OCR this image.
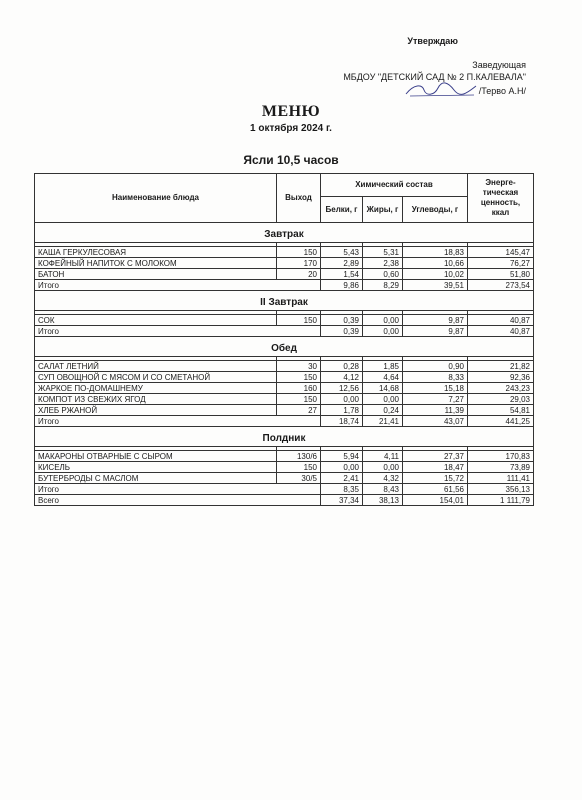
Утверждаю
Заведующая
МБДОУ "ДЕТСКИЙ САД № 2 П.КАЛЕВАЛА"
/Терво А.Н/
МЕНЮ
1 октября 2024 г.
Ясли 10,5 часов
Наименование блюда	Выход	Химический состав			Энерге-тическая ценность, ккал
		Белки, г	Жиры, г	Углеводы, г	
Завтрак					

КАША ГЕРКУЛЕСОВАЯ	150	5,43	5,31	18,83	145,47
КОФЕЙНЫЙ НАПИТОК С МОЛОКОМ	170	2,89	2,38	10,66	76,27
БАТОН	20	1,54	0,60	10,02	51,80
Итого		9,86	8,29	39,51	273,54
II Завтрак					

СОК	150	0,39	0,00	9,87	40,87
Итого		0,39	0,00	9,87	40,87
Обед					

САЛАТ ЛЕТНИЙ	30	0,28	1,85	0,90	21,82
СУП ОВОЩНОЙ С МЯСОМ И СО СМЕТАНОЙ	150	4,12	4,64	8,33	92,36
ЖАРКОЕ ПО-ДОМАШНЕМУ	160	12,56	14,68	15,18	243,23
КОМПОТ ИЗ СВЕЖИХ ЯГОД	150	0,00	0,00	7,27	29,03
ХЛЕБ РЖАНОЙ	27	1,78	0,24	11,39	54,81
Итого		18,74	21,41	43,07	441,25
Полдник					

МАКАРОНЫ ОТВАРНЫЕ С СЫРОМ	130/6	5,94	4,11	27,37	170,83
КИСЕЛЬ	150	0,00	0,00	18,47	73,89
БУТЕРБРОДЫ С МАСЛОМ	30/5	2,41	4,32	15,72	111,41
Итого		8,35	8,43	61,56	356,13
Всего		37,34	38,13	154,01	1 111,79
